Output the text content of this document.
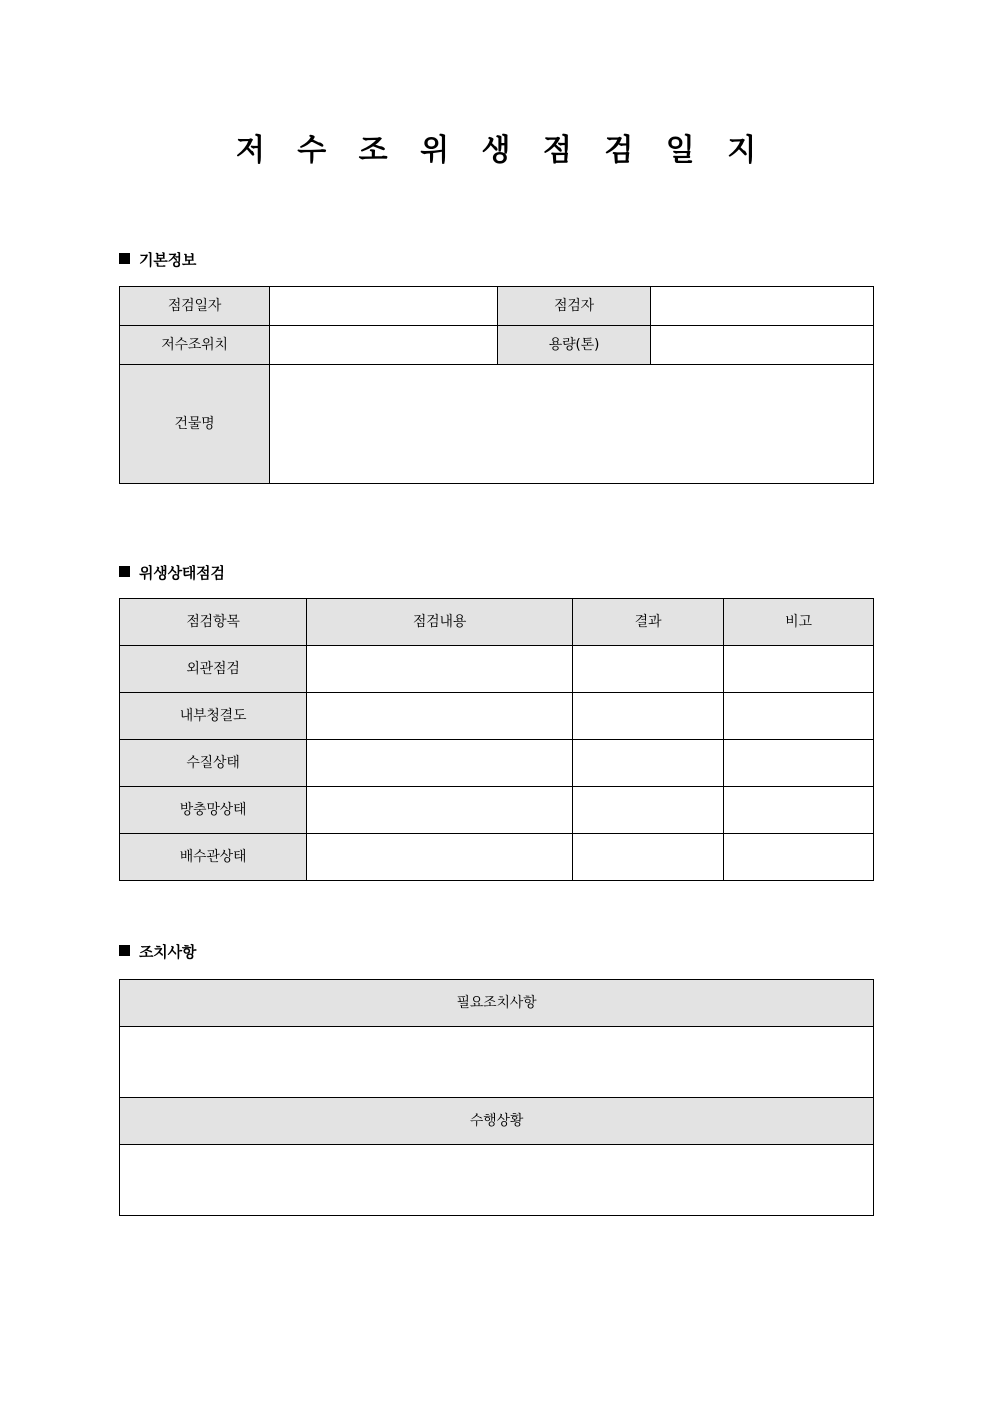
저 수 조 위 생 점 검 일 지
기본정보
점검일자		점검자	
저수조위치		용량(톤)	
건물명			
위생상태점검
점검항목	점검내용	결과	비고
외관점검			
내부청결도			
수질상태			
방충망상태			
배수관상태			
조치사항
필요조치사항

수행상황
